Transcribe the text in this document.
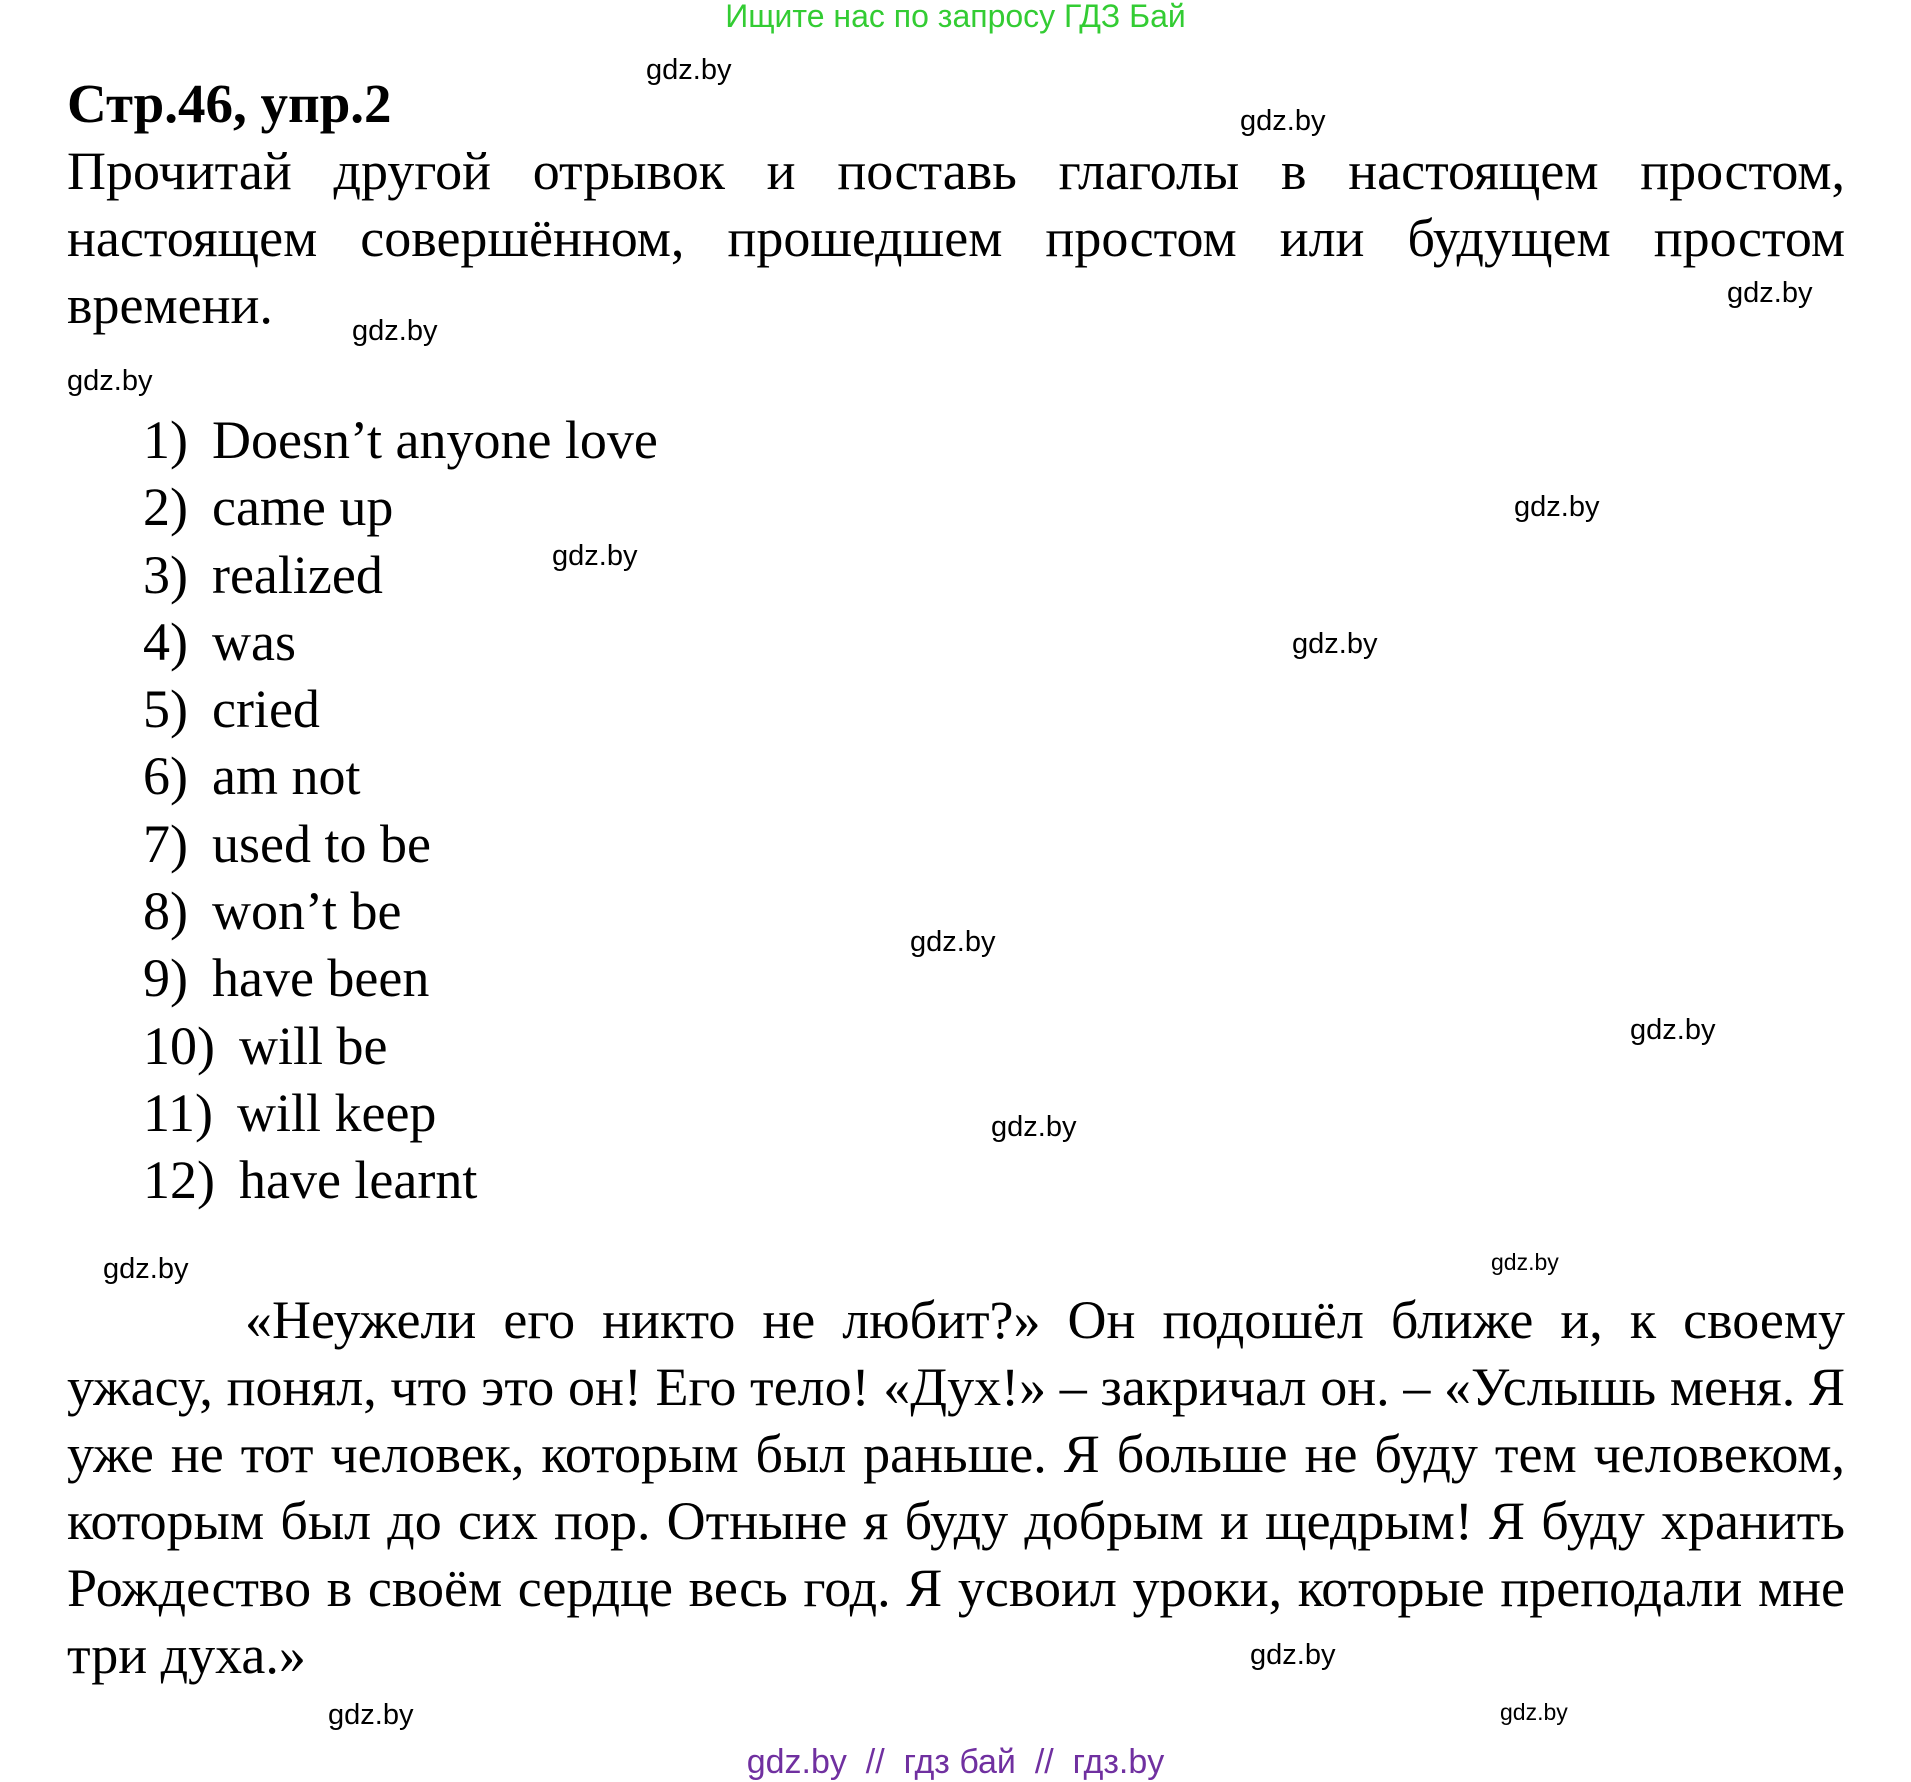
Ищите нас по запросу ГДЗ Бай
Стр.46, упр.2
Прочитай другой отрывок и поставь глаголы в настоящем простом, настоящем совершённом, прошедшем простом или будущем простом времени.
1) Doesn’t anyone love
2) came up
3) realized
4) was
5) cried
6) am not
7) used to be
8) won’t be
9) have been
10) will be
11) will keep
12) have learnt
«Неужели его никто не любит?» Он подошёл ближе и, к своему ужасу, понял, что это он! Его тело! «Дух!» – закричал он. – «Услышь меня. Я уже не тот человек, которым был раньше. Я больше не буду тем человеком, которым был до сих пор. Отныне я буду добрым и щедрым! Я буду хранить Рождество в своём сердце весь год. Я усвоил уроки, которые преподали мне три духа.»
gdz.by
gdz.by
gdz.by
gdz.by
gdz.by
gdz.by
gdz.by
gdz.by
gdz.by
gdz.by
gdz.by
gdz.by	gdz.by
gdz.by
gdz.by
gdz.by
gdz.by  //  гдз бай  //  гдз.by
